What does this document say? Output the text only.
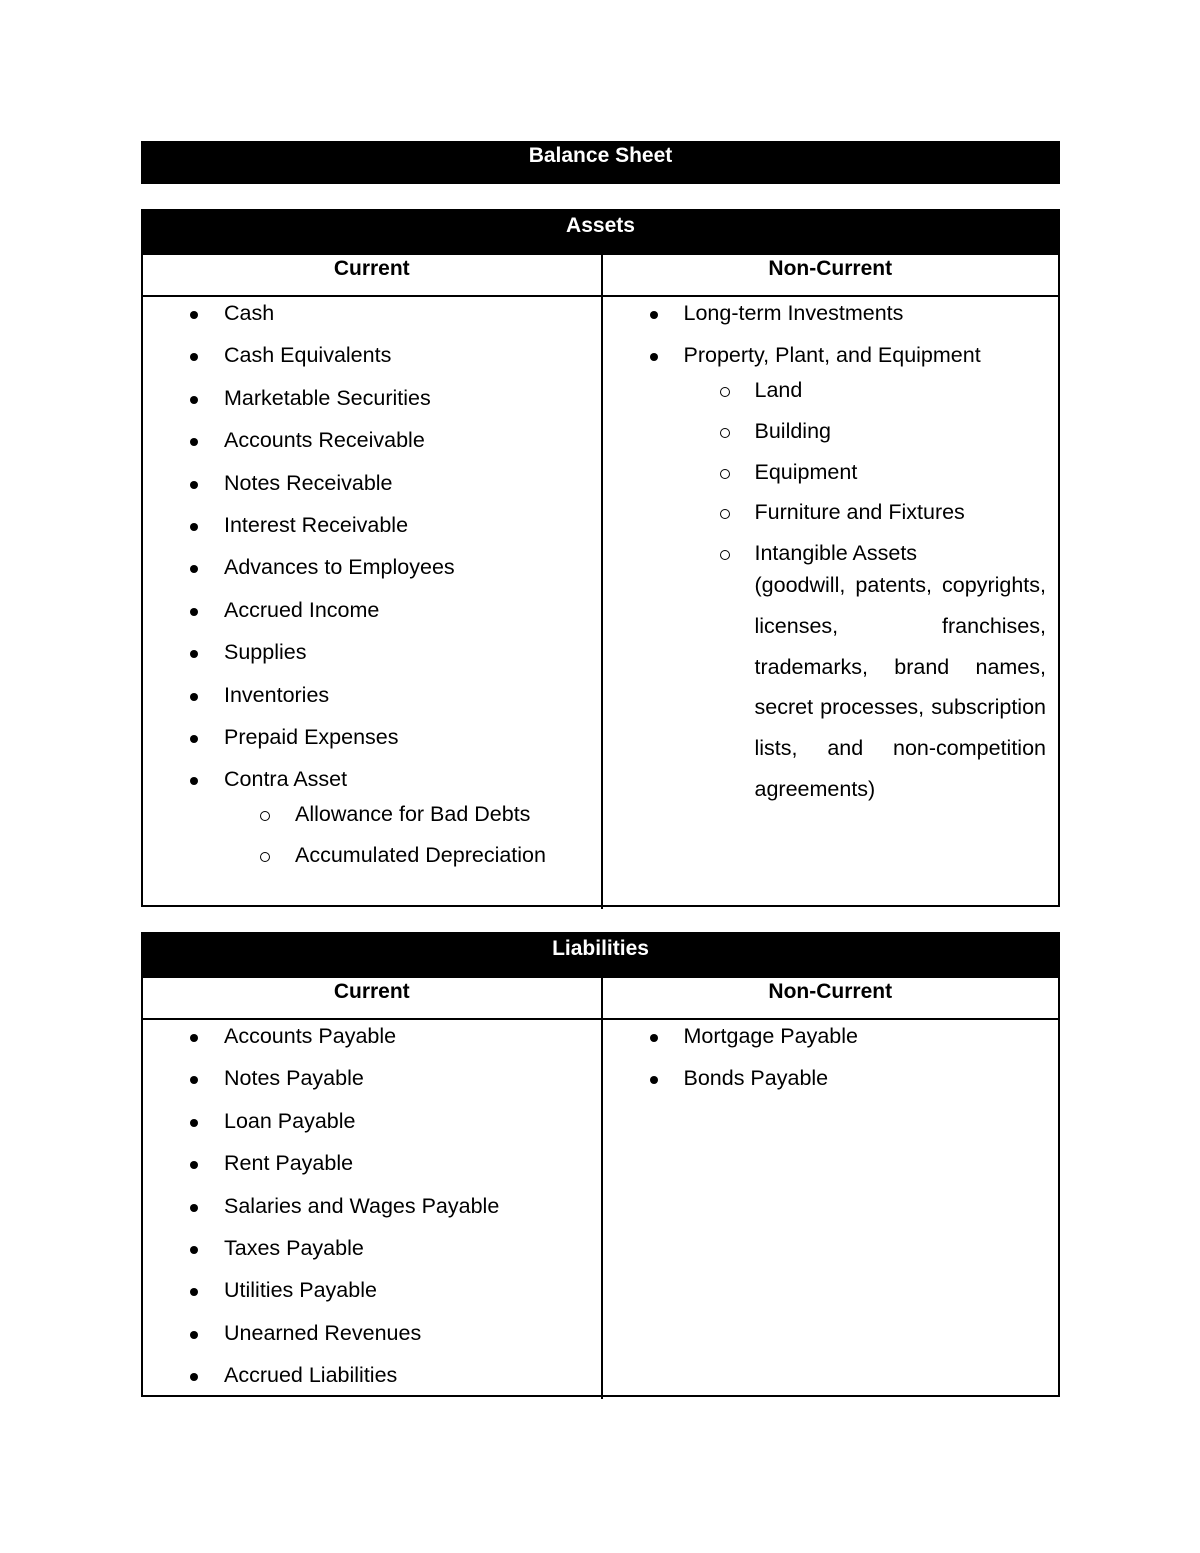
Balance Sheet
Assets
Current
Cash
Cash Equivalents
Marketable Securities
Accounts Receivable
Notes Receivable
Interest Receivable
Advances to Employees
Accrued Income
Supplies
Inventories
Prepaid Expenses
Contra Asset
Allowance for Bad Debts
Accumulated Depreciation
Non-Current
Long-term Investments
Property, Plant, and Equipment
Land
Building
Equipment
Furniture and Fixtures
Intangible Assets
(goodwill, patents, copyrights, licenses, franchises, trademarks, brand names, secret processes, subscription lists, and non-competition agreements)
Liabilities
Current
Accounts Payable
Notes Payable
Loan Payable
Rent Payable
Salaries and Wages Payable
Taxes Payable
Utilities Payable
Unearned Revenues
Accrued Liabilities
Non-Current
Mortgage Payable
Bonds Payable
